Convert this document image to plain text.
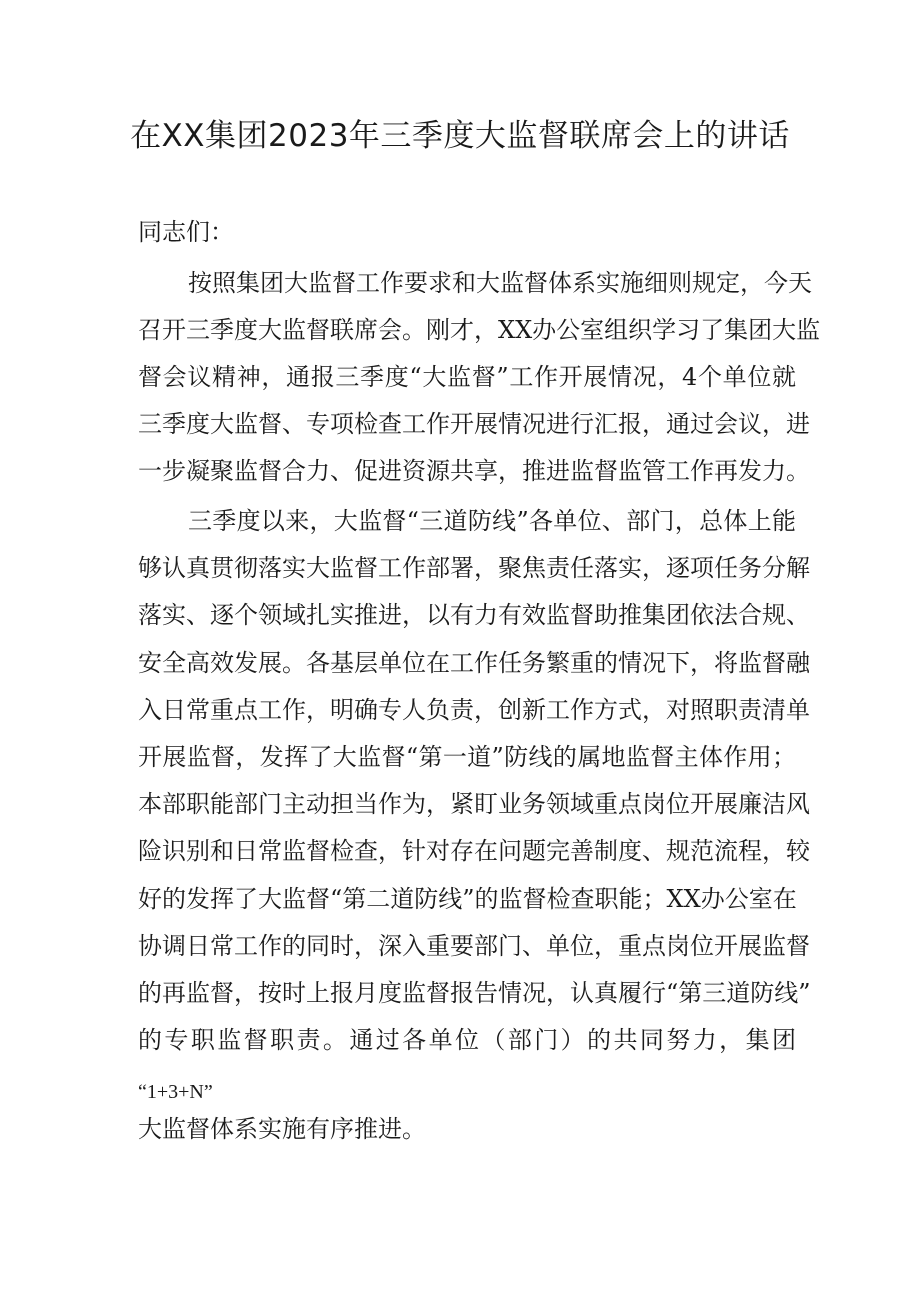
在XX集团2023年三季度大监督联席会上的讲话
同志们：
按照集团大监督工作要求和大监督体系实施细则规定，今天
召开三季度大监督联席会。刚才，XX办公室组织学习了集团大监
督会议精神，通报三季度“大监督”工作开展情况，4个单位就
三季度大监督、专项检查工作开展情况进行汇报，通过会议，进
一步凝聚监督合力、促进资源共享，推进监督监管工作再发力。
三季度以来，大监督“三道防线”各单位、部门，总体上能
够认真贯彻落实大监督工作部署，聚焦责任落实，逐项任务分解
落实、逐个领域扎实推进，以有力有效监督助推集团依法合规、
安全高效发展。各基层单位在工作任务繁重的情况下，将监督融
入日常重点工作，明确专人负责，创新工作方式，对照职责清单
开展监督，发挥了大监督“第一道”防线的属地监督主体作用；
本部职能部门主动担当作为，紧盯业务领域重点岗位开展廉洁风
险识别和日常监督检查，针对存在问题完善制度、规范流程，较
好的发挥了大监督“第二道防线”的监督检查职能；XX办公室在
协调日常工作的同时，深入重要部门、单位，重点岗位开展监督
的再监督，按时上报月度监督报告情况，认真履行“第三道防线”
的专职监督职责。通过各单位（部门）的共同努力，集团
“1+3+N”
大监督体系实施有序推进。
